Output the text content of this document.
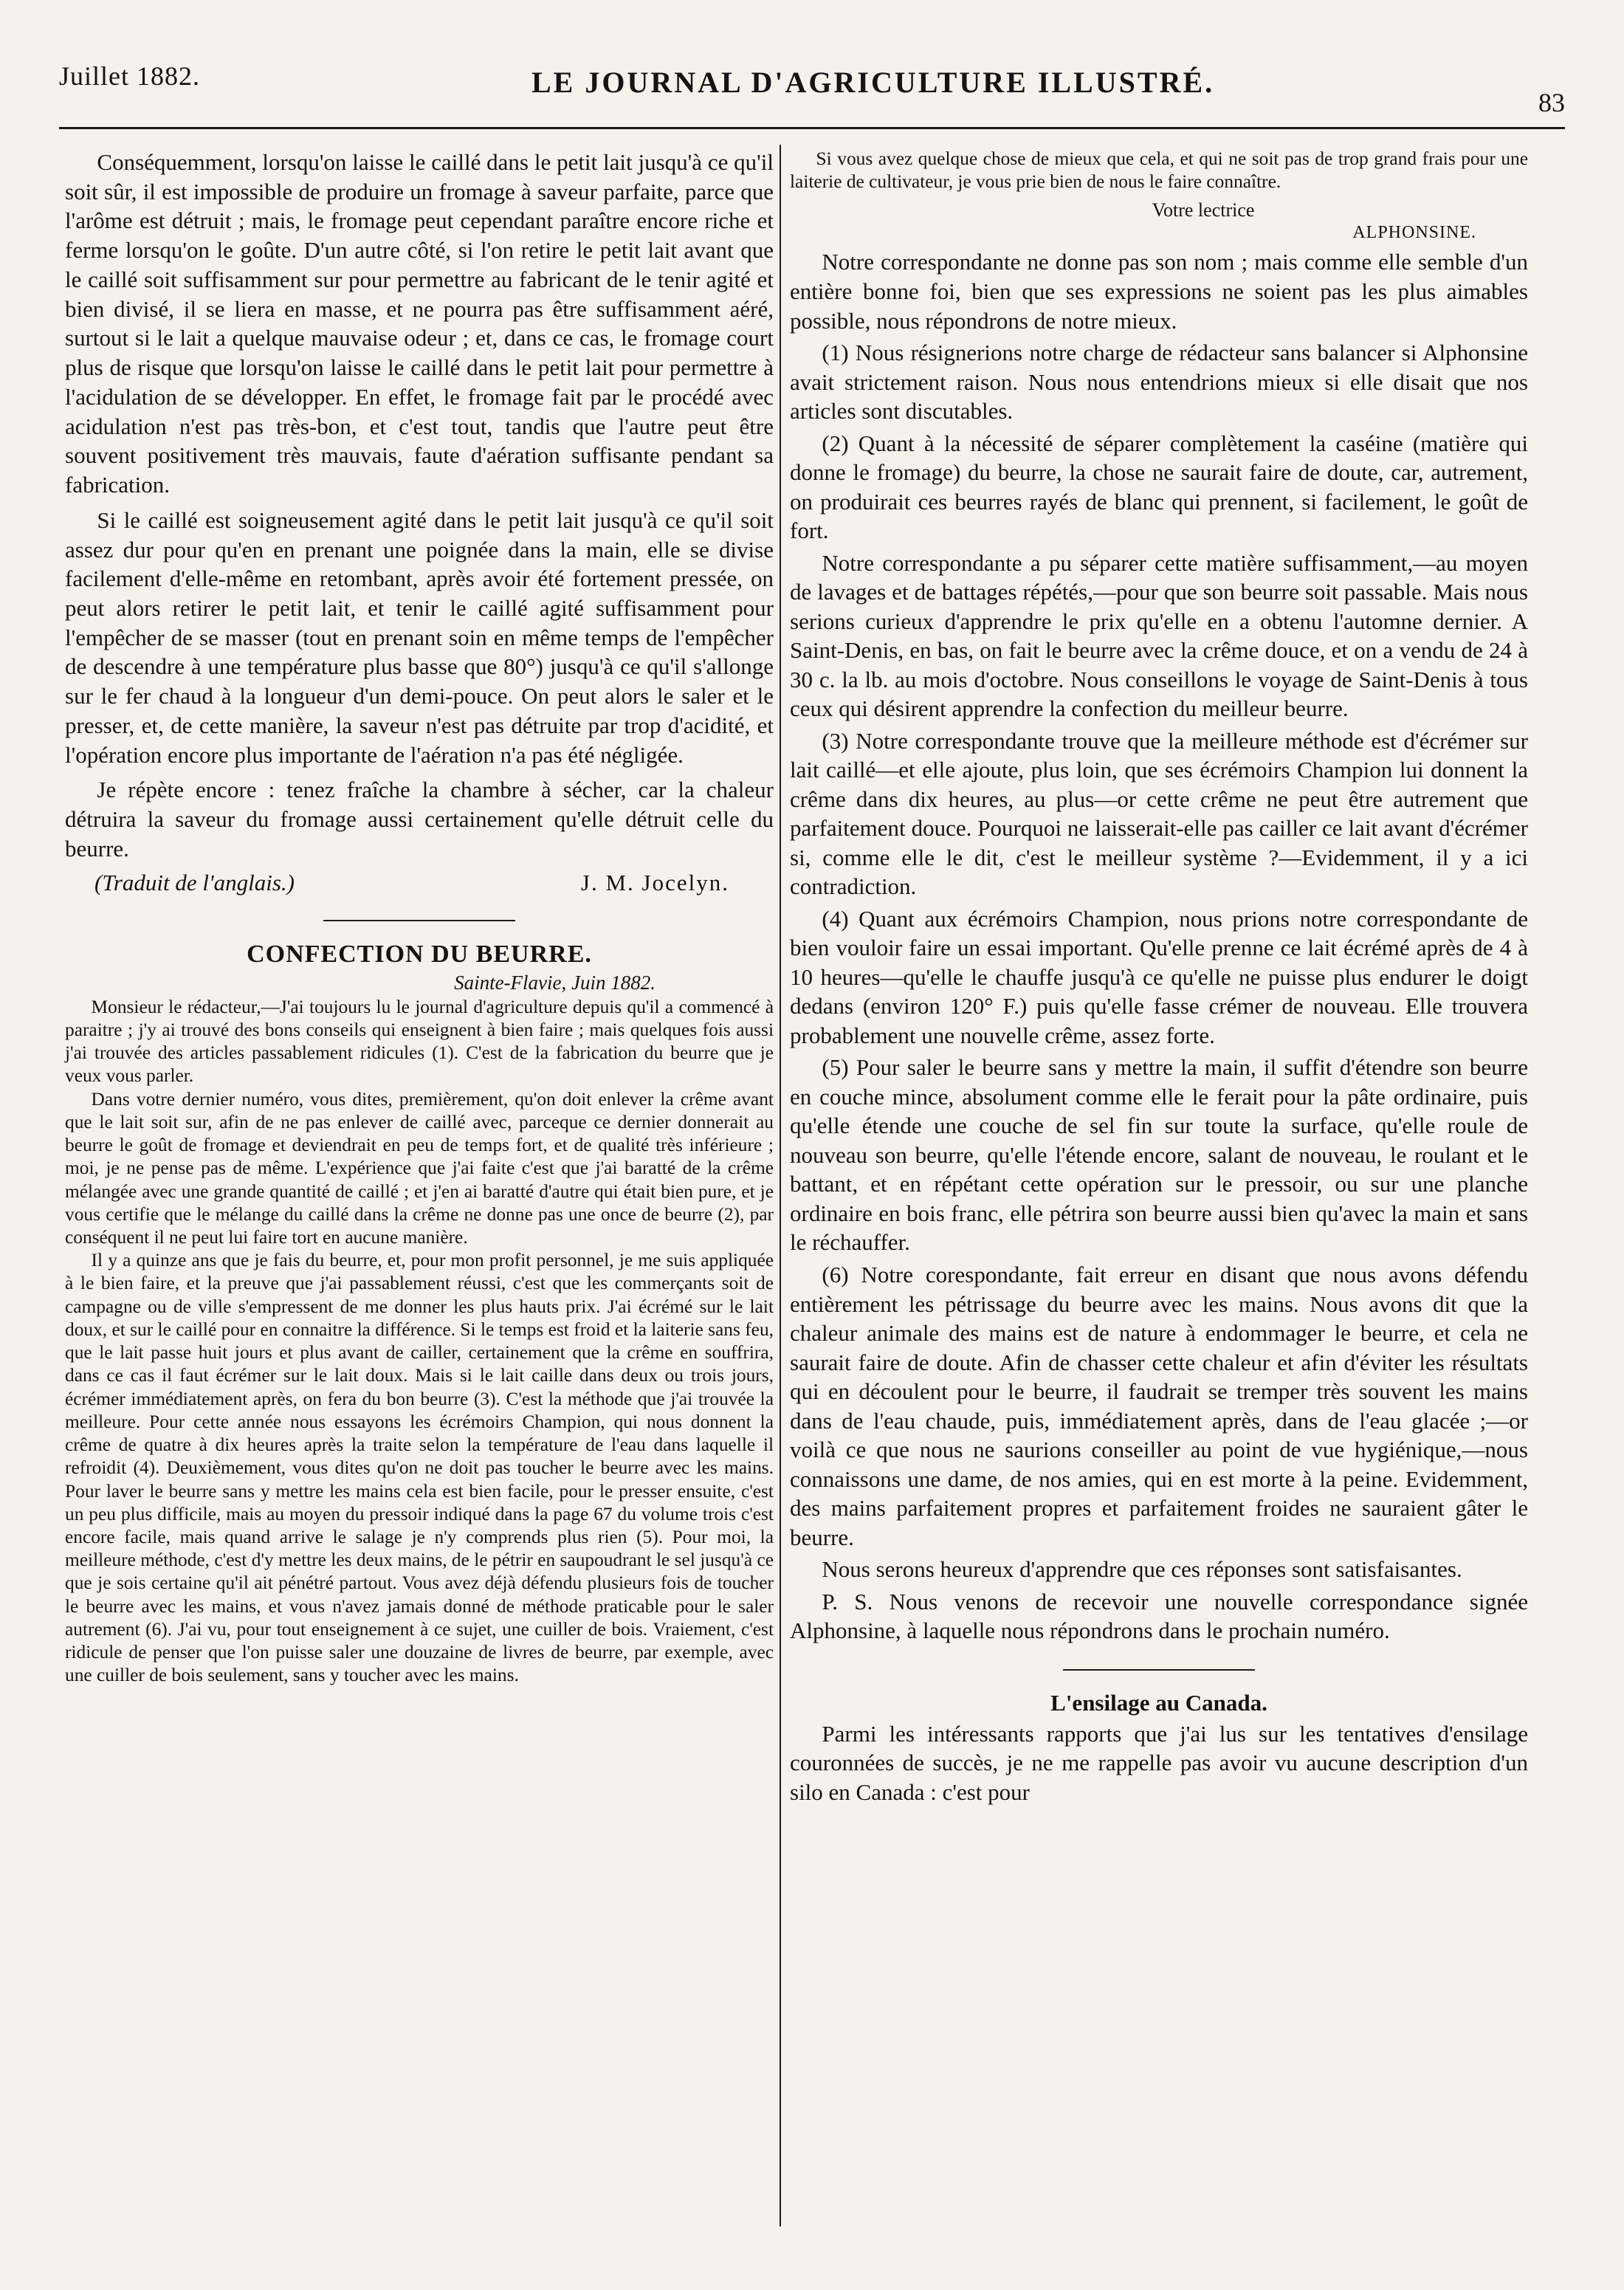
Juillet 1882.	LE JOURNAL D'AGRICULTURE ILLUSTRÉ.
83

Conséquemment, lorsqu'on laisse le caillé dans le petit lait jusqu'à ce qu'il soit sûr, il est impossible de produire un fromage à saveur parfaite, parce que l'arôme est détruit ; mais, le fromage peut cependant paraître encore riche et ferme lorsqu'on le goûte. D'un autre côté, si l'on retire le petit lait avant que le caillé soit suffisamment sur pour permettre au fabricant de le tenir agité et bien divisé, il se liera en masse, et ne pourra pas être suffisamment aéré, surtout si le lait a quelque mauvaise odeur ; et, dans ce cas, le fromage court plus de risque que lorsqu'on laisse le caillé dans le petit lait pour permettre à l'acidulation de se développer. En effet, le fromage fait par le procédé avec acidulation n'est pas très-bon, et c'est tout, tandis que l'autre peut être souvent positivement très mauvais, faute d'aération suffisante pendant sa fabrication.

Si le caillé est soigneusement agité dans le petit lait jusqu'à ce qu'il soit assez dur pour qu'en en prenant une poignée dans la main, elle se divise facilement d'elle-même en retombant, après avoir été fortement pressée, on peut alors retirer le petit lait, et tenir le caillé agité suffisamment pour l'empêcher de se masser (tout en prenant soin en même temps de l'empêcher de descendre à une température plus basse que 80°) jusqu'à ce qu'il s'allonge sur le fer chaud à la longueur d'un demi-pouce. On peut alors le saler et le presser, et, de cette manière, la saveur n'est pas détruite par trop d'acidité, et l'opération encore plus importante de l'aération n'a pas été négligée.

Je répète encore : tenez fraîche la chambre à sécher, car la chaleur détruira la saveur du fromage aussi certainement qu'elle détruit celle du beurre.

(Traduit de l'anglais.)	J. M. Jocelyn.
CONFECTION DU BEURRE.
Sainte-Flavie, Juin 1882.

Monsieur le rédacteur,—J'ai toujours lu le journal d'agriculture depuis qu'il a commencé à paraitre ; j'y ai trouvé des bons conseils qui enseignent à bien faire ; mais quelques fois aussi j'ai trouvée des articles passablement ridicules (1). C'est de la fabrication du beurre que je veux vous parler.

Dans votre dernier numéro, vous dites, premièrement, qu'on doit enlever la crême avant que le lait soit sur, afin de ne pas enlever de caillé avec, parceque ce dernier donnerait au beurre le goût de fromage et deviendrait en peu de temps fort, et de qualité très inférieure ; moi, je ne pense pas de même. L'expérience que j'ai faite c'est que j'ai baratté de la crême mélangée avec une grande quantité de caillé ; et j'en ai baratté d'autre qui était bien pure, et je vous certifie que le mélange du caillé dans la crême ne donne pas une once de beurre (2), par conséquent il ne peut lui faire tort en aucune manière.

Il y a quinze ans que je fais du beurre, et, pour mon profit personnel, je me suis appliquée à le bien faire, et la preuve que j'ai passablement réussi, c'est que les commerçants soit de campagne ou de ville s'empressent de me donner les plus hauts prix. J'ai écrémé sur le lait doux, et sur le caillé pour en connaitre la différence. Si le temps est froid et la laiterie sans feu, que le lait passe huit jours et plus avant de cailler, certainement que la crême en souffrira, dans ce cas il faut écrémer sur le lait doux. Mais si le lait caille dans deux ou trois jours, écrémer immédiatement après, on fera du bon beurre (3). C'est la méthode que j'ai trouvée la meilleure. Pour cette année nous essayons les écrémoirs Champion, qui nous donnent la crême de quatre à dix heures après la traite selon la température de l'eau dans laquelle il refroidit (4). Deuxièmement, vous dites qu'on ne doit pas toucher le beurre avec les mains. Pour laver le beurre sans y mettre les mains cela est bien facile, pour le presser ensuite, c'est un peu plus difficile, mais au moyen du pressoir indiqué dans la page 67 du volume trois c'est encore facile, mais quand arrive le salage je n'y comprends plus rien (5). Pour moi, la meilleure méthode, c'est d'y mettre les deux mains, de le pétrir en saupoudrant le sel jusqu'à ce que je sois certaine qu'il ait pénétré partout. Vous avez déjà défendu plusieurs fois de toucher le beurre avec les mains, et vous n'avez jamais donné de méthode praticable pour le saler autrement (6). J'ai vu, pour tout enseignement à ce sujet, une cuiller de bois. Vraiement, c'est ridicule de penser que l'on puisse saler une douzaine de livres de beurre, par exemple, avec une cuiller de bois seulement, sans y toucher avec les mains.

Si vous avez quelque chose de mieux que cela, et qui ne soit pas de trop grand frais pour une laiterie de cultivateur, je vous prie bien de nous le faire connaître.

Votre lectrice
ALPHONSINE.

Notre correspondante ne donne pas son nom ; mais comme elle semble d'un entière bonne foi, bien que ses expressions ne soient pas les plus aimables possible, nous répondrons de notre mieux.

(1) Nous résignerions notre charge de rédacteur sans balancer si Alphonsine avait strictement raison. Nous nous entendrions mieux si elle disait que nos articles sont discutables.

(2) Quant à la nécessité de séparer complètement la caséine (matière qui donne le fromage) du beurre, la chose ne saurait faire de doute, car, autrement, on produirait ces beurres rayés de blanc qui prennent, si facilement, le goût de fort.

Notre correspondante a pu séparer cette matière suffisamment,—au moyen de lavages et de battages répétés,—pour que son beurre soit passable. Mais nous serions curieux d'apprendre le prix qu'elle en a obtenu l'automne dernier. A Saint-Denis, en bas, on fait le beurre avec la crême douce, et on a vendu de 24 à 30 c. la lb. au mois d'octobre. Nous conseillons le voyage de Saint-Denis à tous ceux qui désirent apprendre la confection du meilleur beurre.

(3) Notre correspondante trouve que la meilleure méthode est d'écrémer sur lait caillé—et elle ajoute, plus loin, que ses écrémoirs Champion lui donnent la crême dans dix heures, au plus—or cette crême ne peut être autrement que parfaitement douce. Pourquoi ne laisserait-elle pas cailler ce lait avant d'écrémer si, comme elle le dit, c'est le meilleur système ?—Evidemment, il y a ici contradiction.

(4) Quant aux écrémoirs Champion, nous prions notre correspondante de bien vouloir faire un essai important. Qu'elle prenne ce lait écrémé après de 4 à 10 heures—qu'elle le chauffe jusqu'à ce qu'elle ne puisse plus endurer le doigt dedans (environ 120° F.) puis qu'elle fasse crémer de nouveau. Elle trouvera probablement une nouvelle crême, assez forte.

(5) Pour saler le beurre sans y mettre la main, il suffit d'étendre son beurre en couche mince, absolument comme elle le ferait pour la pâte ordinaire, puis qu'elle étende une couche de sel fin sur toute la surface, qu'elle roule de nouveau son beurre, qu'elle l'étende encore, salant de nouveau, le roulant et le battant, et en répétant cette opération sur le pressoir, ou sur une planche ordinaire en bois franc, elle pétrira son beurre aussi bien qu'avec la main et sans le réchauffer.

(6) Notre corespondante, fait erreur en disant que nous avons défendu entièrement les pétrissage du beurre avec les mains. Nous avons dit que la chaleur animale des mains est de nature à endommager le beurre, et cela ne saurait faire de doute. Afin de chasser cette chaleur et afin d'éviter les résultats qui en découlent pour le beurre, il faudrait se tremper très souvent les mains dans de l'eau chaude, puis, immédiatement après, dans de l'eau glacée ;—or voilà ce que nous ne saurions conseiller au point de vue hygiénique,—nous connaissons une dame, de nos amies, qui en est morte à la peine. Evidemment, des mains parfaitement propres et parfaitement froides ne sauraient gâter le beurre.

Nous serons heureux d'apprendre que ces réponses sont satisfaisantes.

P. S. Nous venons de recevoir une nouvelle correspondance signée Alphonsine, à laquelle nous répondrons dans le prochain numéro.

L'ensilage au Canada.

Parmi les intéressants rapports que j'ai lus sur les tentatives d'ensilage couronnées de succès, je ne me rappelle pas avoir vu aucune description d'un silo en Canada : c'est pour
